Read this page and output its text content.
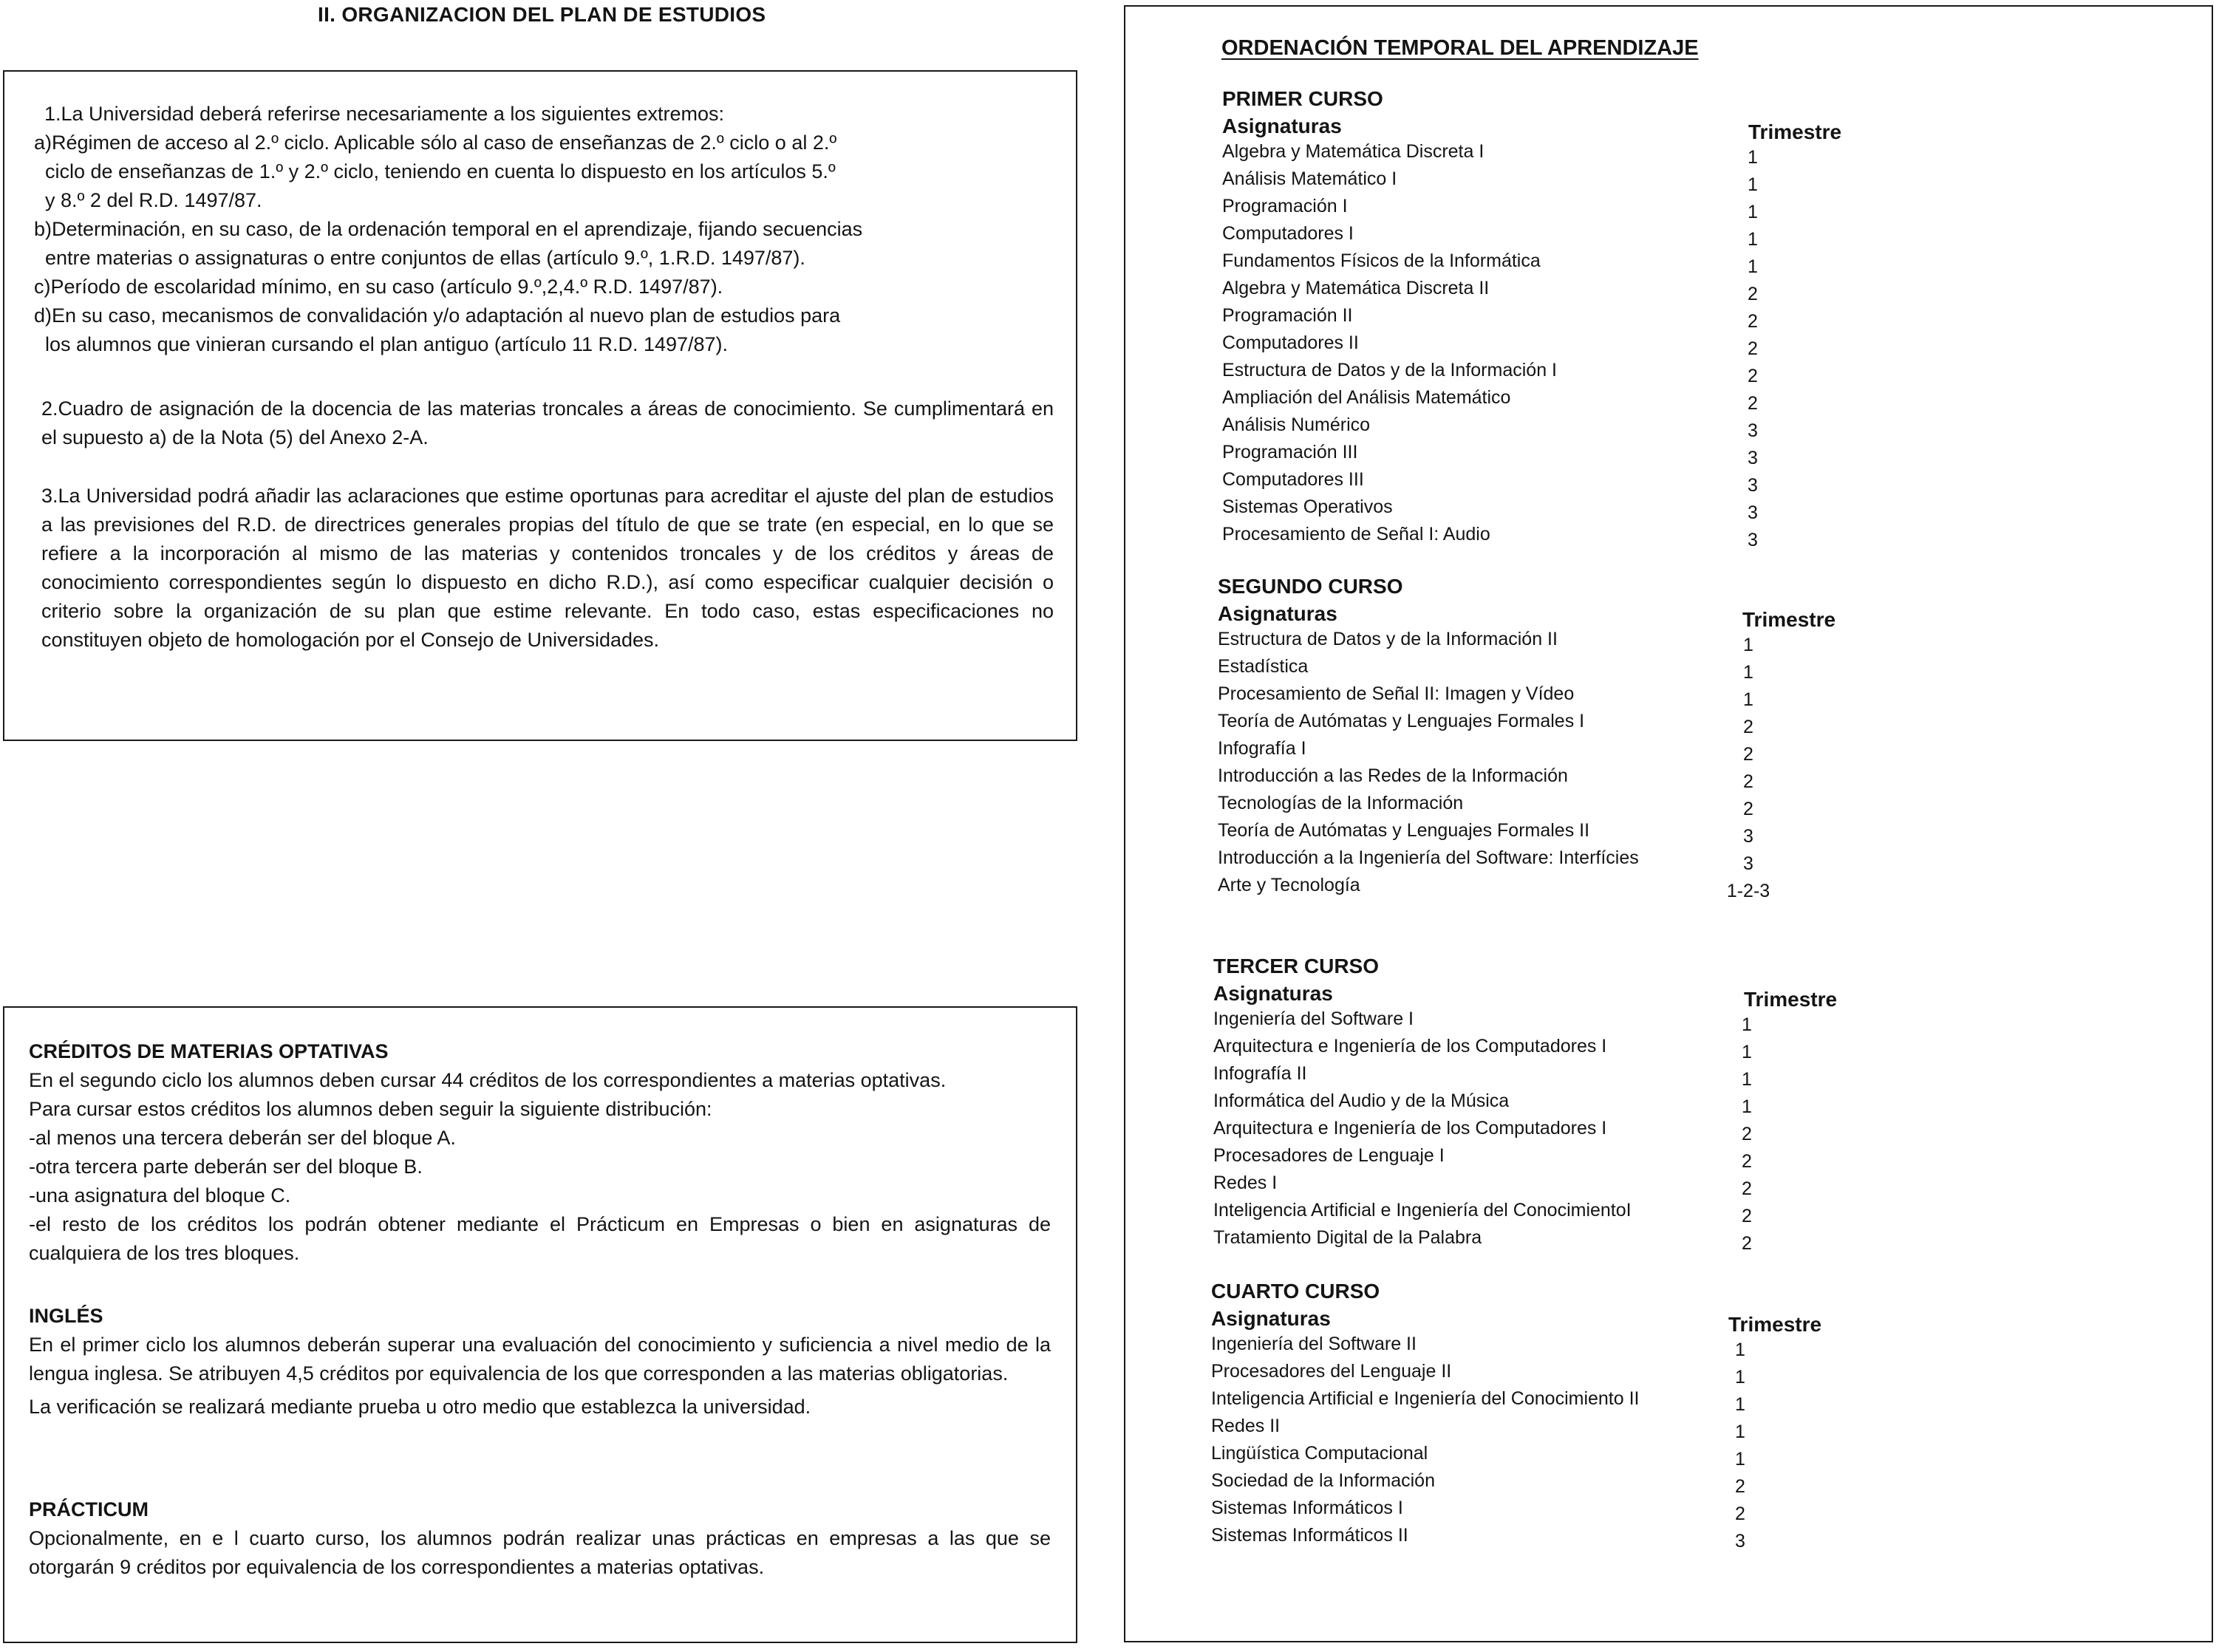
II. ORGANIZACION DEL PLAN DE ESTUDIOS
1.La Universidad deberá referirse necesariamente a los siguientes extremos:
a)Régimen de acceso al 2.º ciclo. Aplicable sólo al caso de enseñanzas de 2.º ciclo o al 2.º
ciclo de enseñanzas de 1.º y 2.º ciclo, teniendo en cuenta lo dispuesto en los artículos 5.º
y 8.º 2 del R.D. 1497/87.
b)Determinación, en su caso, de la ordenación temporal en el aprendizaje, fijando secuencias
entre materias o assignaturas o entre conjuntos de ellas (artículo 9.º, 1.R.D. 1497/87).
c)Período de escolaridad mínimo, en su caso (artículo 9.º,2,4.º R.D. 1497/87).
d)En su caso, mecanismos de convalidación y/o adaptación al nuevo plan de estudios para
los alumnos que vinieran cursando el plan antiguo (artículo 11 R.D. 1497/87).
2.Cuadro de asignación de la docencia de las materias troncales a áreas de conocimiento. Se cumplimentará en el supuesto a) de la Nota (5) del Anexo 2-A.
3.La Universidad podrá añadir las aclaraciones que estime oportunas para acreditar el ajuste del plan de estudios a las previsiones del R.D. de directrices generales propias del título de que se trate (en especial, en lo que se refiere a la incorporación al mismo de las materias y contenidos troncales y de los créditos y áreas de conocimiento correspondientes según lo dispuesto en dicho R.D.), así como especificar cualquier decisión o criterio sobre la organización de su plan que estime relevante. En todo caso, estas especificaciones no constituyen objeto de homologación por el Consejo de Universidades.
CRÉDITOS DE MATERIAS OPTATIVAS
En el segundo ciclo los alumnos deben cursar 44 créditos de los correspondientes a materias optativas.
Para cursar estos créditos los alumnos deben seguir la siguiente distribución:
-al menos una tercera deberán ser del bloque A.
-otra tercera parte deberán ser del bloque B.
-una asignatura del bloque C.
-el resto de los créditos los podrán obtener mediante el Prácticum en Empresas o bien en asignaturas de cualquiera de los tres bloques.
INGLÉS
En el primer ciclo los alumnos deberán superar una evaluación del conocimiento y suficiencia a nivel medio de la lengua inglesa. Se atribuyen 4,5 créditos por equivalencia de los que corresponden a las materias obligatorias.
La verificación se realizará mediante prueba u otro medio que establezca la universidad.
PRÁCTICUM
Opcionalmente, en e l cuarto curso, los alumnos podrán realizar unas prácticas en empresas a las que se otorgarán 9 créditos por equivalencia de los correspondientes a materias optativas.
ORDENACIÓN TEMPORAL DEL APRENDIZAJE
PRIMER CURSO
Asignaturas	Trimestre
Algebra y Matemática Discreta I	1
Análisis Matemático I	1
Programación I	1
Computadores I	1
Fundamentos Físicos de la Informática	1
Algebra y Matemática Discreta II	2
Programación II	2
Computadores II	2
Estructura de Datos y de la Información I	2
Ampliación del Análisis Matemático	2
Análisis Numérico	3
Programación III	3
Computadores III	3
Sistemas Operativos	3
Procesamiento de Señal I: Audio	3
SEGUNDO CURSO
Asignaturas	Trimestre
Estructura de Datos y de la Información II	1
Estadística	1
Procesamiento de Señal II: Imagen y Vídeo	1
Teoría de Autómatas y Lenguajes Formales I	2
Infografía I	2
Introducción a las Redes de la Información	2
Tecnologías de la Información	2
Teoría de Autómatas y Lenguajes Formales II	3
Introducción a la Ingeniería del Software: Interfícies	3
Arte y Tecnología	1-2-3
TERCER CURSO
Asignaturas	Trimestre
Ingeniería del Software I	1
Arquitectura e Ingeniería de los Computadores I	1
Infografía II	1
Informática del Audio y de la Música	1
Arquitectura e Ingeniería de los Computadores I	2
Procesadores de Lenguaje I	2
Redes I	2
Inteligencia Artificial e Ingeniería del ConocimientoI	2
Tratamiento Digital de la Palabra	2
CUARTO CURSO
Asignaturas	Trimestre
Ingeniería del Software II	1
Procesadores del Lenguaje II	1
Inteligencia Artificial e Ingeniería del Conocimiento II	1
Redes II	1
Lingüística Computacional	1
Sociedad de la Información	2
Sistemas Informáticos I	2
Sistemas Informáticos II	3
